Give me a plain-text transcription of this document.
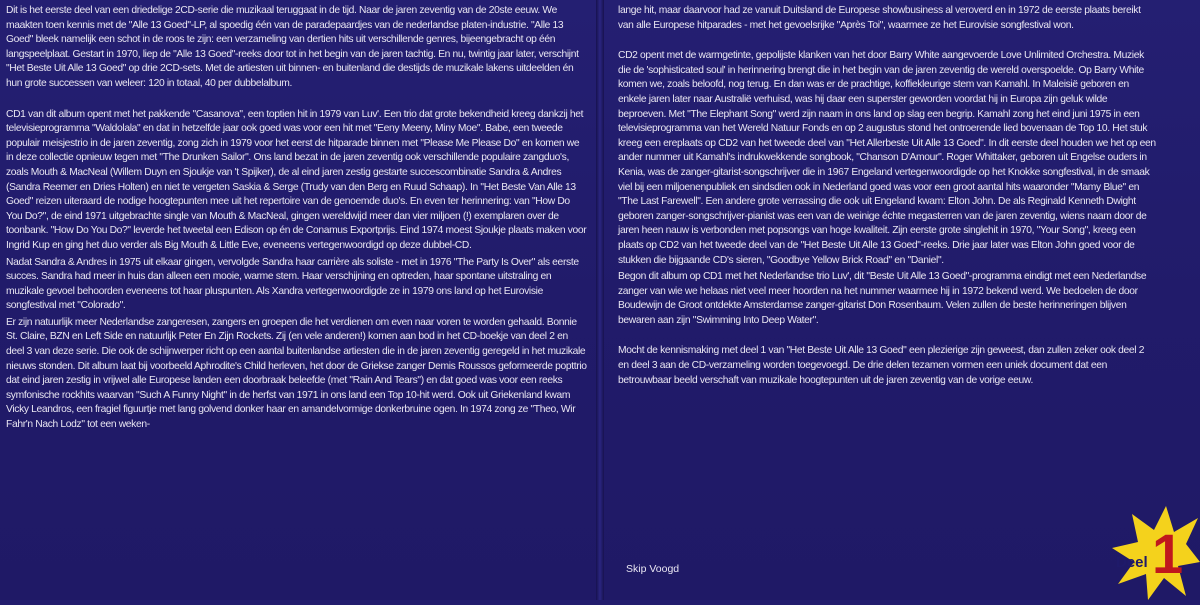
Dit is het eerste deel van een driedelige 2CD-serie die muzikaal teruggaat in de tijd. Naar de jaren zeventig van de 20ste eeuw. We maakten toen kennis met de "Alle 13 Goed"-LP, al spoedig één van de paradepaardjes van de nederlandse platen-industrie. "Alle 13 Goed" bleek namelijk een schot in de roos te zijn: een verzameling van dertien hits uit verschillende genres, bijeengebracht op één langspeelplaat. Gestart in 1970, liep de "Alle 13 Goed"-reeks door tot in het begin van de jaren tachtig. En nu, twintig jaar later, verschijnt "Het Beste Uit Alle 13 Goed" op drie 2CD-sets. Met de artiesten uit binnen- en buitenland die destijds de muzikale lakens uitdeelden én hun grote successen van weleer: 120 in totaal, 40 per dubbelalbum.

CD1 van dit album opent met het pakkende "Casanova", een toptien hit in 1979 van Luv'. Een trio dat grote bekendheid kreeg dankzij het televisieprogramma "Waldolala" en dat in hetzelfde jaar ook goed was voor een hit met "Eeny Meeny, Miny Moe". Babe, een tweede populair meisjestrio in de jaren zeventig, zong zich in 1979 voor het eerst de hitparade binnen met "Please Me Please Do" en komen we in deze collectie opnieuw tegen met "The Drunken Sailor". Ons land bezat in de jaren zeventig ook verschillende populaire zangduo's, zoals Mouth & MacNeal (Willem Duyn en Sjoukje van 't Spijker), de al eind jaren zestig gestarte succescombinatie Sandra & Andres (Sandra Reemer en Dries Holten) en niet te vergeten Saskia & Serge (Trudy van den Berg en Ruud Schaap). In "Het Beste Van Alle 13 Goed" reizen uiteraard de nodige hoogtepunten mee uit het repertoire van de genoemde duo's. En even ter herinnering: van "How Do You Do?", de eind 1971 uitgebrachte single van Mouth & MacNeal, gingen wereldwijd meer dan vier miljoen (!) exemplaren over de toonbank. "How Do You Do?" leverde het tweetal een Edison op én de Conamus Exportprijs. Eind 1974 moest Sjoukje plaats maken voor Ingrid Kup en ging het duo verder als Big Mouth & Little Eve, eveneens vertegenwoordigd op deze dubbel-CD.

Nadat Sandra & Andres in 1975 uit elkaar gingen, vervolgde Sandra haar carrière als soliste - met in 1976 "The Party Is Over" als eerste succes. Sandra had meer in huis dan alleen een mooie, warme stem. Haar verschijning en optreden, haar spontane uitstraling en muzikale gevoel behoorden eveneens tot haar pluspunten. Als Xandra vertegenwoordigde ze in 1979 ons land op het Eurovisie songfestival met "Colorado".

Er zijn natuurlijk meer Nederlandse zangeresen, zangers en groepen die het verdienen om even naar voren te worden gehaald. Bonnie St. Claire, BZN en Left Side en natuurlijk Peter En Zijn Rockets. Zij (en vele anderen!) komen aan bod in het CD-boekje van deel 2 en deel 3 van deze serie. Die ook de schijnwerper richt op een aantal buitenlandse artiesten die in de jaren zeventig geregeld in het muzikale nieuws stonden. Dit album laat bij voorbeeld Aphrodite's Child herleven, het door de Griekse zanger Demis Roussos geformeerde popttrio dat eind jaren zestig in vrijwel alle Europese landen een doorbraak beleefde (met "Rain And Tears") en dat goed was voor een reeks symfonische rockhits waarvan "Such A Funny Night" in de herfst van 1971 in ons land een Top 10-hit werd. Ook uit Griekenland kwam Vicky Leandros, een fragiel figuurtje met lang golvend donker haar en amandelvormige donkerbruine ogen. In 1974 zong ze "Theo, Wir Fahr'n Nach Lodz" tot een weken-

lange hit, maar daarvoor had ze vanuit Duitsland de Europese showbusiness al veroverd en in 1972 de eerste plaats bereikt van alle Europese hitparades - met het gevoelsrijke "Après Toi", waarmee ze het Eurovisie songfestival won.

CD2 opent met de warmgetinte, gepolijste klanken van het door Barry White aangevoerde Love Unlimited Orchestra. Muziek die de 'sophisticated soul' in herinnering brengt die in het begin van de jaren zeventig de wereld overspoelde. Op Barry White komen we, zoals beloofd, nog terug. En dan was er de prachtige, koffiekleurige stem van Kamahl. In Maleisië geboren en enkele jaren later naar Australië verhuisd, was hij daar een superster geworden voordat hij in Europa zijn geluk wilde beproeven. Met "The Elephant Song" werd zijn naam in ons land op slag een begrip. Kamahl zong het eind juni 1975 in een televisieprogramma van het Wereld Natuur Fonds en op 2 augustus stond het ontroerende lied bovenaan de Top 10. Het stuk kreeg een ereplaats op CD2 van het tweede deel van "Het Allerbeste Uit Alle 13 Goed". In dit eerste deel houden we het op een ander nummer uit Kamahl's indrukwekkende songbook, "Chanson D'Amour". Roger Whittaker, geboren uit Engelse ouders in Kenia, was de zanger-gitarist-songschrijver die in 1967 Engeland vertegenwoordigde op het Knokke songfestival, in de smaak viel bij een miljoenenpubliek en sindsdien ook in Nederland goed was voor een groot aantal hits waaronder "Mamy Blue" en "The Last Farewell". Een andere grote verrassing die ook uit Engeland kwam: Elton John. De als Reginald Kenneth Dwight geboren zanger-songschrijver-pianist was een van de weinige échte megasterren van de jaren zeventig, wiens naam door de jaren heen nauw is verbonden met popsongs van hoge kwaliteit. Zijn eerste grote singlehit in 1970, "Your Song", kreeg een plaats op CD2 van het tweede deel van de "Het Beste Uit Alle 13 Goed"-reeks. Drie jaar later was Elton John goed voor de stukken die bijgaande CD's sieren, "Goodbye Yellow Brick Road" en "Daniel".

Begon dit album op CD1 met het Nederlandse trio Luv', dit "Beste Uit Alle 13 Goed"-programma eindigt met een Nederlandse zanger van wie we helaas niet veel meer hoorden na het nummer waarmee hij in 1972 bekend werd. We bedoelen de door Boudewijn de Groot ontdekte Amsterdamse zanger-gitarist Don Rosenbaum. Velen zullen de beste herinneringen blijven bewaren aan zijn "Swimming Into Deep Water".

Mocht de kennismaking met deel 1 van "Het Beste Uit Alle 13 Goed" een plezierige zijn geweest, dan zullen zeker ook deel 2 en deel 3 aan de CD-verzameling worden toegevoegd. De drie delen tezamen vormen een uniek document dat een betrouwbaar beeld verschaft van muzikale hoogtepunten uit de jaren zeventig van de vorige eeuw.

Skip Voogd	Deel 1
